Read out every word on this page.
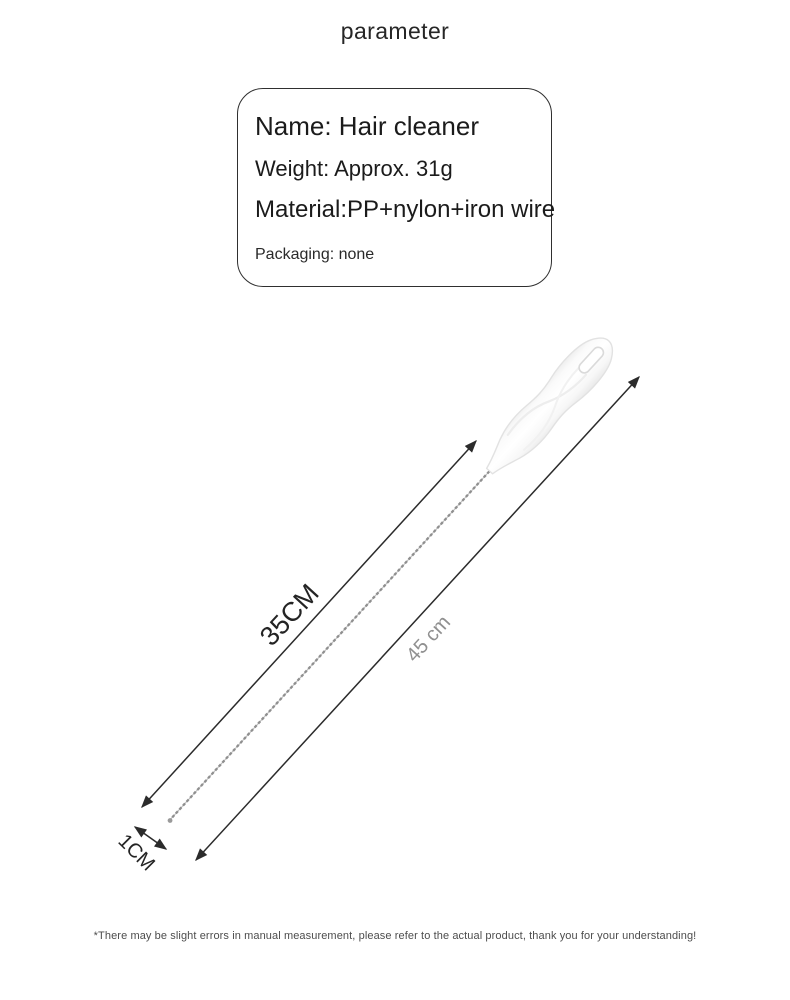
parameter
Name: Hair cleaner
Weight: Approx. 31g
Material:PP+nylon+iron wire
Packaging: none
35CM	45 cm
1CM
*There may be slight errors in manual measurement, please refer to the actual product, thank you for your understanding!
